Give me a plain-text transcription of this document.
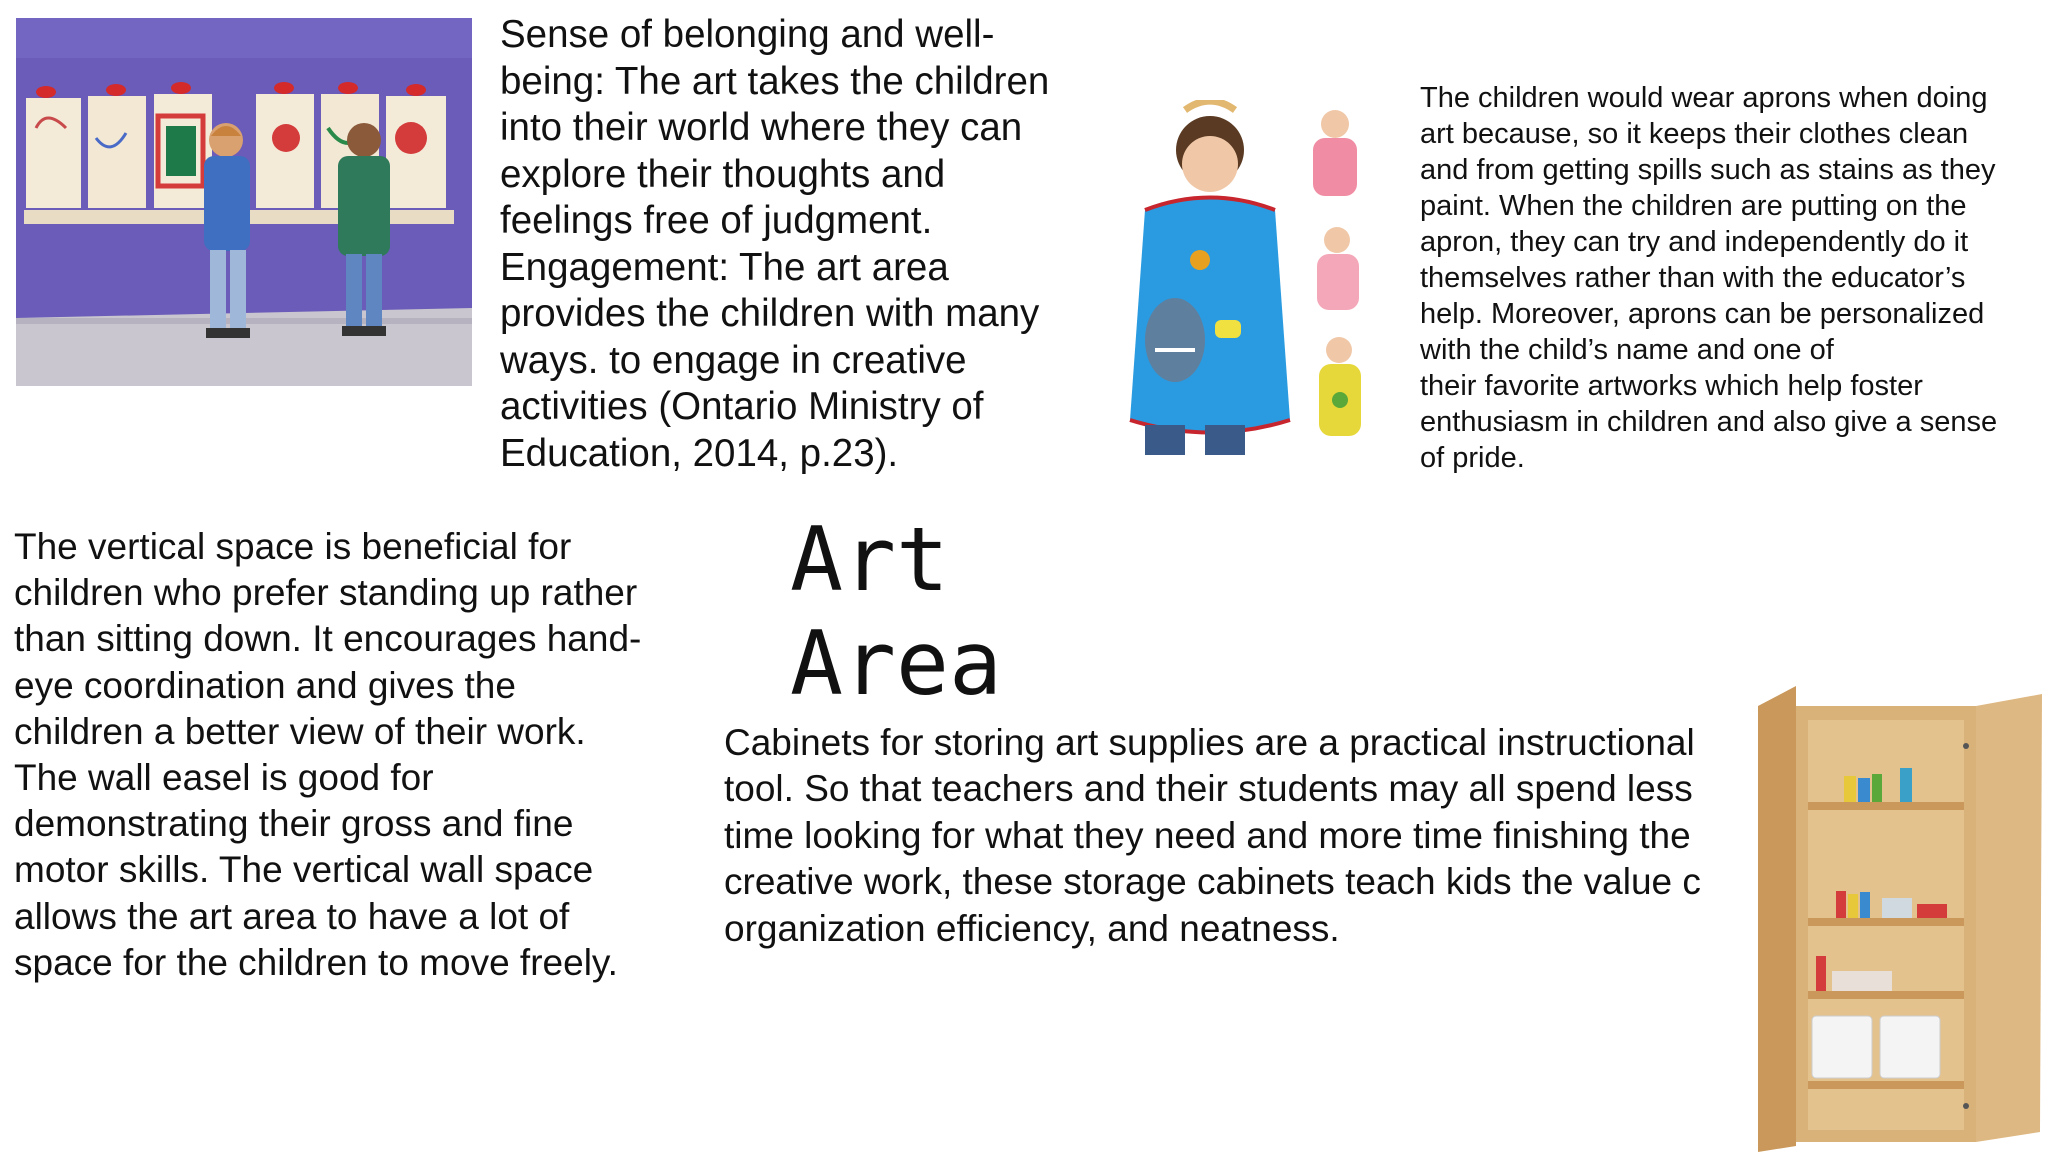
Sense of belonging and well-
being: The art takes the children
into their world where they can
explore their thoughts and
feelings free of judgment.
Engagement: The art area
provides the children with many
ways. to engage in creative
activities (Ontario Ministry of
Education, 2014, p.23).

The children would wear aprons when doing
art because, so it keeps their clothes clean
and from getting spills such as stains as they
paint. When the children are putting on the
apron, they can try and independently do it
themselves rather than with the educator’s
help. Moreover, aprons can be personalized
with the child’s name and one of
their favorite artworks which help foster
enthusiasm in children and also give a sense
of pride.

The vertical space is beneficial for
children who prefer standing up rather
than sitting down. It encourages hand-
eye coordination and gives the
children a better view of their work.
The wall easel is good for
demonstrating their gross and fine
motor skills. The vertical wall space
allows the art area to have a lot of
space for the children to move freely.

Art
Area

Cabinets for storing art supplies are a practical instructional
tool. So that teachers and their students may all spend less
time looking for what they need and more time finishing the
creative work, these storage cabinets teach kids the value c
organization efficiency, and neatness.
